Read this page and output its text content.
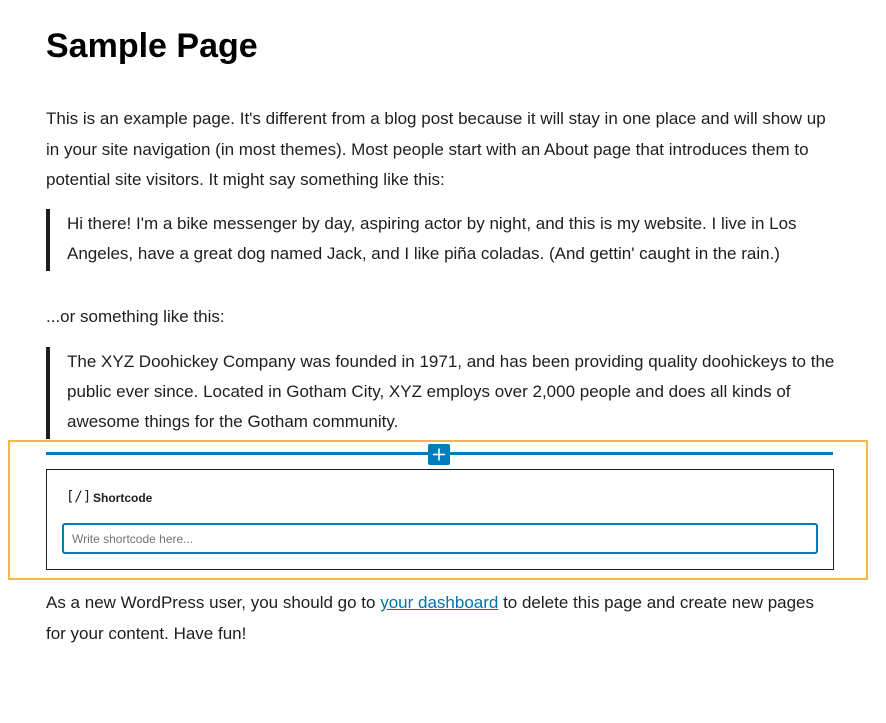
Sample Page

This is an example page. It's different from a blog post because it will stay in one place and will show up in your site navigation (in most themes). Most people start with an About page that introduces them to potential site visitors. It might say something like this:

Hi there! I'm a bike messenger by day, aspiring actor by night, and this is my website. I live in Los Angeles, have a great dog named Jack, and I like piña coladas. (And gettin' caught in the rain.)

...or something like this:

The XYZ Doohickey Company was founded in 1971, and has been providing quality doohickeys to the public ever since. Located in Gotham City, XYZ employs over 2,000 people and does all kinds of awesome things for the Gotham community.

[/] Shortcode
Write shortcode here...

As a new WordPress user, you should go to your dashboard to delete this page and create new pages for your content. Have fun!
